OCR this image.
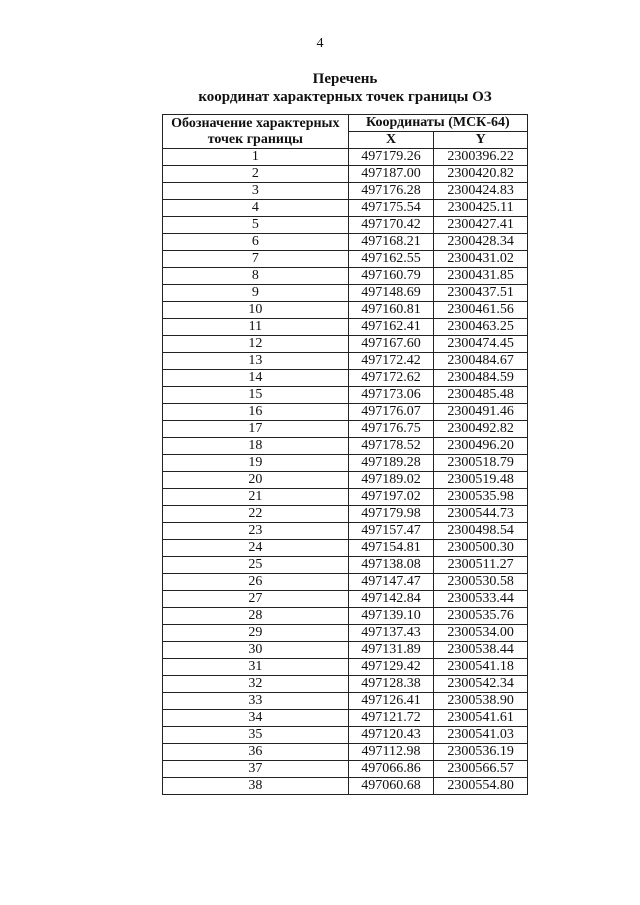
4
Перечень
координат характерных точек границы ОЗ
Обозначение характерных
точек границы	Координаты (МСК-64)	
	X	Y
1	497179.26	2300396.22
2	497187.00	2300420.82
3	497176.28	2300424.83
4	497175.54	2300425.11
5	497170.42	2300427.41
6	497168.21	2300428.34
7	497162.55	2300431.02
8	497160.79	2300431.85
9	497148.69	2300437.51
10	497160.81	2300461.56
11	497162.41	2300463.25
12	497167.60	2300474.45
13	497172.42	2300484.67
14	497172.62	2300484.59
15	497173.06	2300485.48
16	497176.07	2300491.46
17	497176.75	2300492.82
18	497178.52	2300496.20
19	497189.28	2300518.79
20	497189.02	2300519.48
21	497197.02	2300535.98
22	497179.98	2300544.73
23	497157.47	2300498.54
24	497154.81	2300500.30
25	497138.08	2300511.27
26	497147.47	2300530.58
27	497142.84	2300533.44
28	497139.10	2300535.76
29	497137.43	2300534.00
30	497131.89	2300538.44
31	497129.42	2300541.18
32	497128.38	2300542.34
33	497126.41	2300538.90
34	497121.72	2300541.61
35	497120.43	2300541.03
36	497112.98	2300536.19
37	497066.86	2300566.57
38	497060.68	2300554.80
